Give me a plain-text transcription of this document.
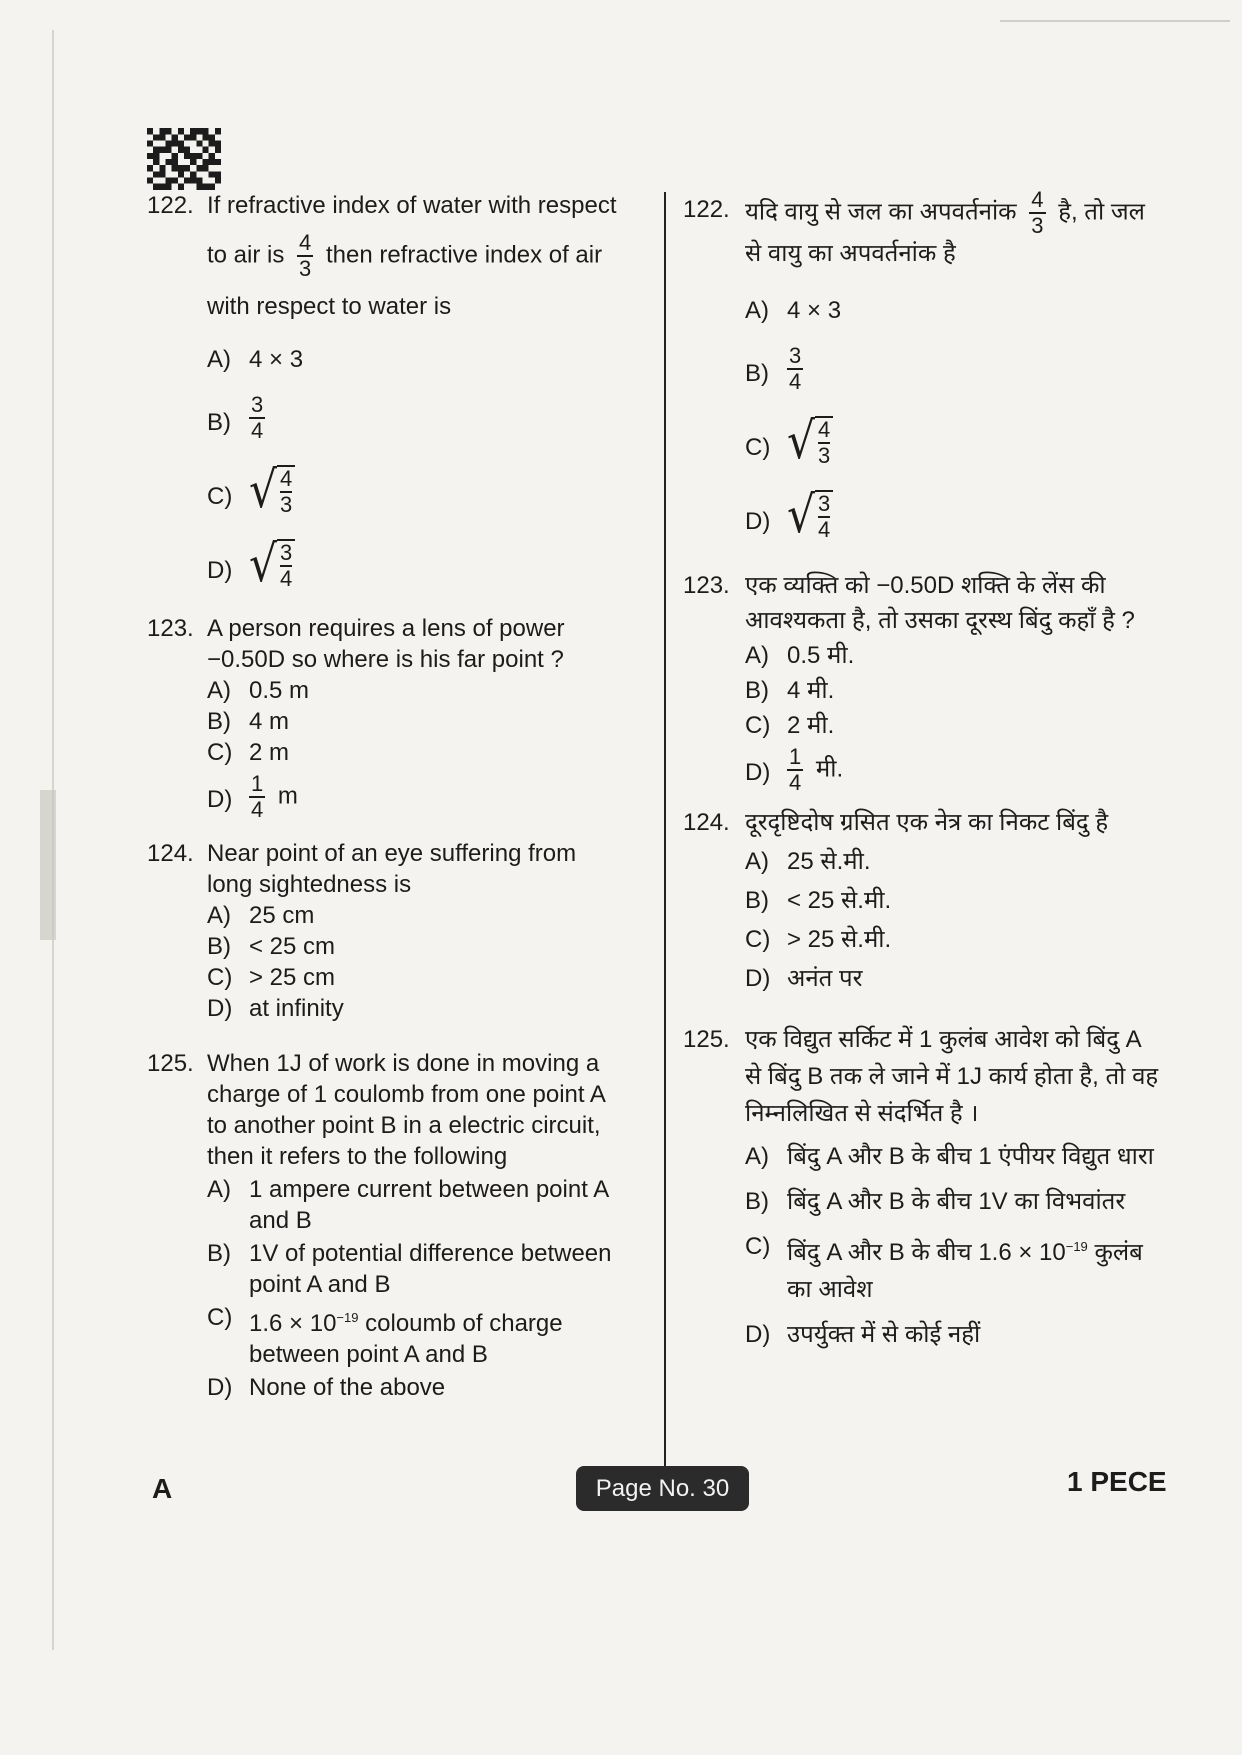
122. If refractive index of water with respect
to air is $\frac{4}{3}$ then refractive index of air
with respect to water is
A) 4 × 3
$B) \frac{3}{4}$
C) √ $\frac{4}{3}$
D) √ $\frac{3}{4}$
123. A person requires a lens of power
−0.50D so where is his far point ?
A) 0.5 m
B) 4 m
C) 2 m
$D) \frac{1}{4}$ m
124. Near point of an eye suffering from
long sightedness is
A) 25 cm
B) < 25 cm
C) > 25 cm
D) at infinity
125. When 1J of work is done in moving a
charge of 1 coulomb from one point A
to another point B in a electric circuit,
then it refers to the following
A) 1 ampere current between point A
and B
B) 1V of potential difference between
point A and B
C) $1.6 \times 10^{-19}$ coloumb of charge
between point A and B
D) None of the above
122. यदि वायु से जल का अपवर्तनांक $\frac{4}{3}$ है, तो जल
से वायु का अपवर्तनांक है
A) 4 × 3
$B) \frac{3}{4}$
C) √ $\frac{4}{3}$
D) √ $\frac{3}{4}$
123. एक व्यक्ति को −0.50D शक्ति के लेंस की
आवश्यकता है, तो उसका दूरस्थ बिंदु कहाँ है ?
A) 0.5 मी.
B) 4 मी.
C) 2 मी.
$D) \frac{1}{4}$ मी.
124. दूरदृष्टिदोष ग्रसित एक नेत्र का निकट बिंदु है
A) 25 से.मी.
B) < 25 से.मी.
C) > 25 से.मी.
D) अनंत पर
125. एक विद्युत सर्किट में 1 कुलंब आवेश को बिंदु A
से बिंदु B तक ले जाने में 1J कार्य होता है, तो वह
निम्नलिखित से संदर्भित है ।
A) बिंदु A और B के बीच 1 एंपीयर विद्युत धारा
B) बिंदु A और B के बीच 1V का विभवांतर
C) बिंदु A और B के बीच $1.6 \times 10^{-19}$ कुलंब
का आवेश
D) उपर्युक्त में से कोई नहीं
A	Page No. 30	1 PECE
